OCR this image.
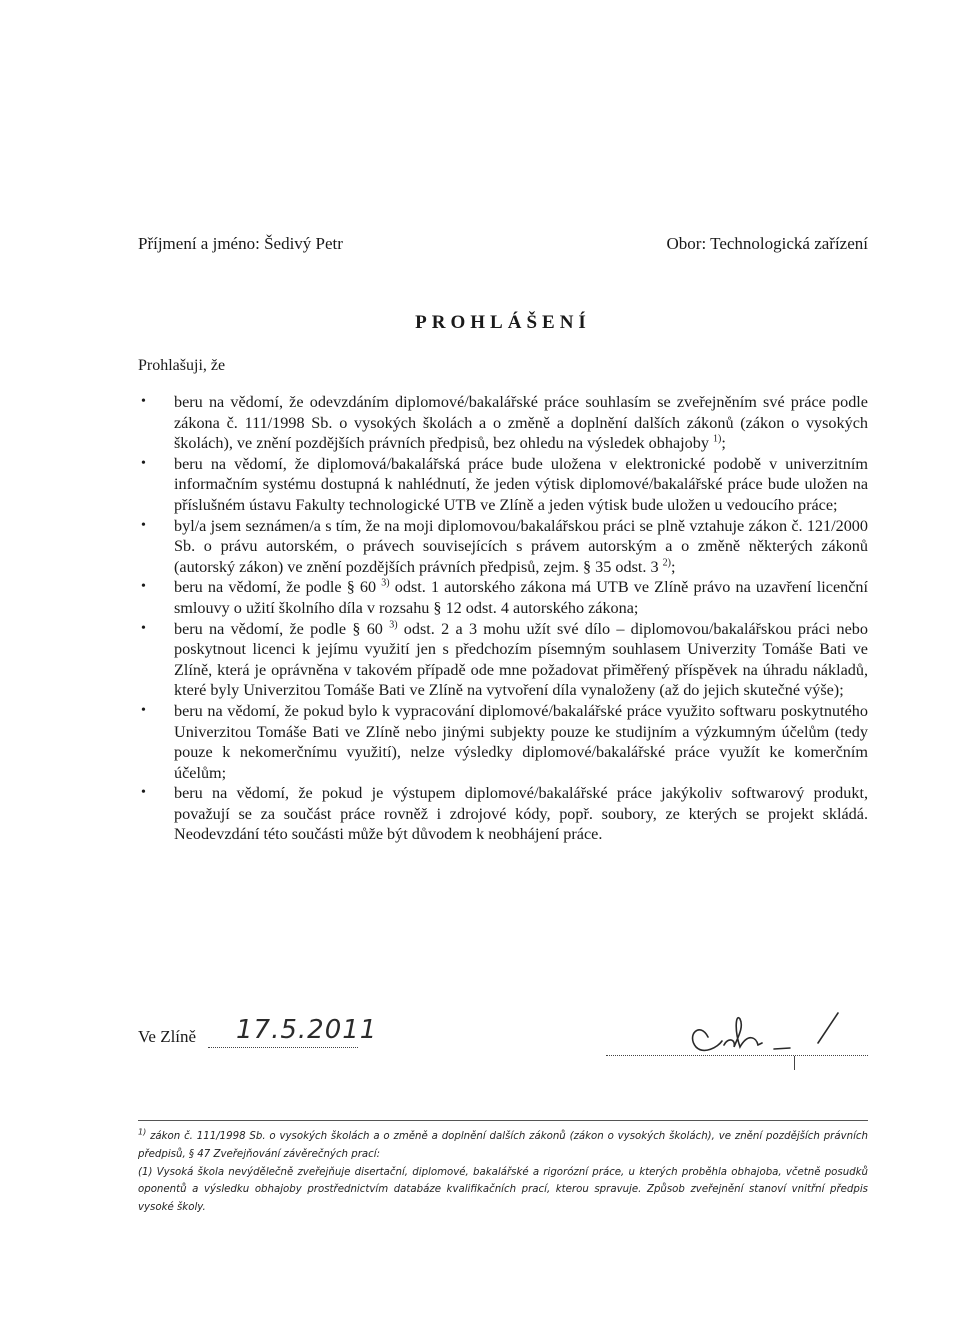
Příjmení a jméno: Šedivý Petr	Obor: Technologická zařízení
PROHLÁŠENÍ
Prohlašuji, že
• beru na vědomí, že odevzdáním diplomové/bakalářské práce souhlasím se zveřejněním své práce podle zákona č. 111/1998 Sb. o vysokých školách a o změně a doplnění dalších zákonů (zákon o vysokých školách), ve znění pozdějších právních předpisů, bez ohledu na výsledek obhajoby $^{1)}$;
• beru na vědomí, že diplomová/bakalářská práce bude uložena v elektronické podobě v univerzitním informačním systému dostupná k nahlédnutí, že jeden výtisk diplomové/bakalářské práce bude uložen na příslušném ústavu Fakulty technologické UTB ve Zlíně a jeden výtisk bude uložen u vedoucího práce;
• byl/a jsem seznámen/a s tím, že na moji diplomovou/bakalářskou práci se plně vztahuje zákon č. 121/2000 Sb. o právu autorském, o právech souvisejících s právem autorským a o změně některých zákonů (autorský zákon) ve znění pozdějších právních předpisů, zejm. § 35 odst. 3 $^{2)}$;
• beru na vědomí, že podle § 60 $^{3)}$ odst. 1 autorského zákona má UTB ve Zlíně právo na uzavření licenční smlouvy o užití školního díla v rozsahu § 12 odst. 4 autorského zákona;
• beru na vědomí, že podle § 60 $^{3)}$ odst. 2 a 3 mohu užít své dílo – diplomovou/bakalářskou práci nebo poskytnout licenci k jejímu využití jen s předchozím písemným souhlasem Univerzity Tomáše Bati ve Zlíně, která je oprávněna v takovém případě ode mne požadovat přiměřený příspěvek na úhradu nákladů, které byly Univerzitou Tomáše Bati ve Zlíně na vytvoření díla vynaloženy (až do jejich skutečné výše);
• beru na vědomí, že pokud bylo k vypracování diplomové/bakalářské práce využito softwaru poskytnutého Univerzitou Tomáše Bati ve Zlíně nebo jinými subjekty pouze ke studijním a výzkumným účelům (tedy pouze k nekomerčnímu využití), nelze výsledky diplomové/bakalářské práce využít ke komerčním účelům;
• beru na vědomí, že pokud je výstupem diplomové/bakalářské práce jakýkoliv softwarový produkt, považují se za součást práce rovněž i zdrojové kódy, popř. soubory, ze kterých se projekt skládá. Neodevzdání této součásti může být důvodem k neobhájení práce.
Ve Zlíně 17.5.2011

$^{1)}$ zákon č. 111/1998 Sb. o vysokých školách a o změně a doplnění dalších zákonů (zákon o vysokých školách), ve znění pozdějších právních předpisů, § 47 Zveřejňování závěrečných prací:

(1) Vysoká škola nevýdělečně zveřejňuje disertační, diplomové, bakalářské a rigorózní práce, u kterých proběhla obhajoba, včetně posudků oponentů a výsledku obhajoby prostřednictvím databáze kvalifikačních prací, kterou spravuje. Způsob zveřejnění stanoví vnitřní předpis vysoké školy.
